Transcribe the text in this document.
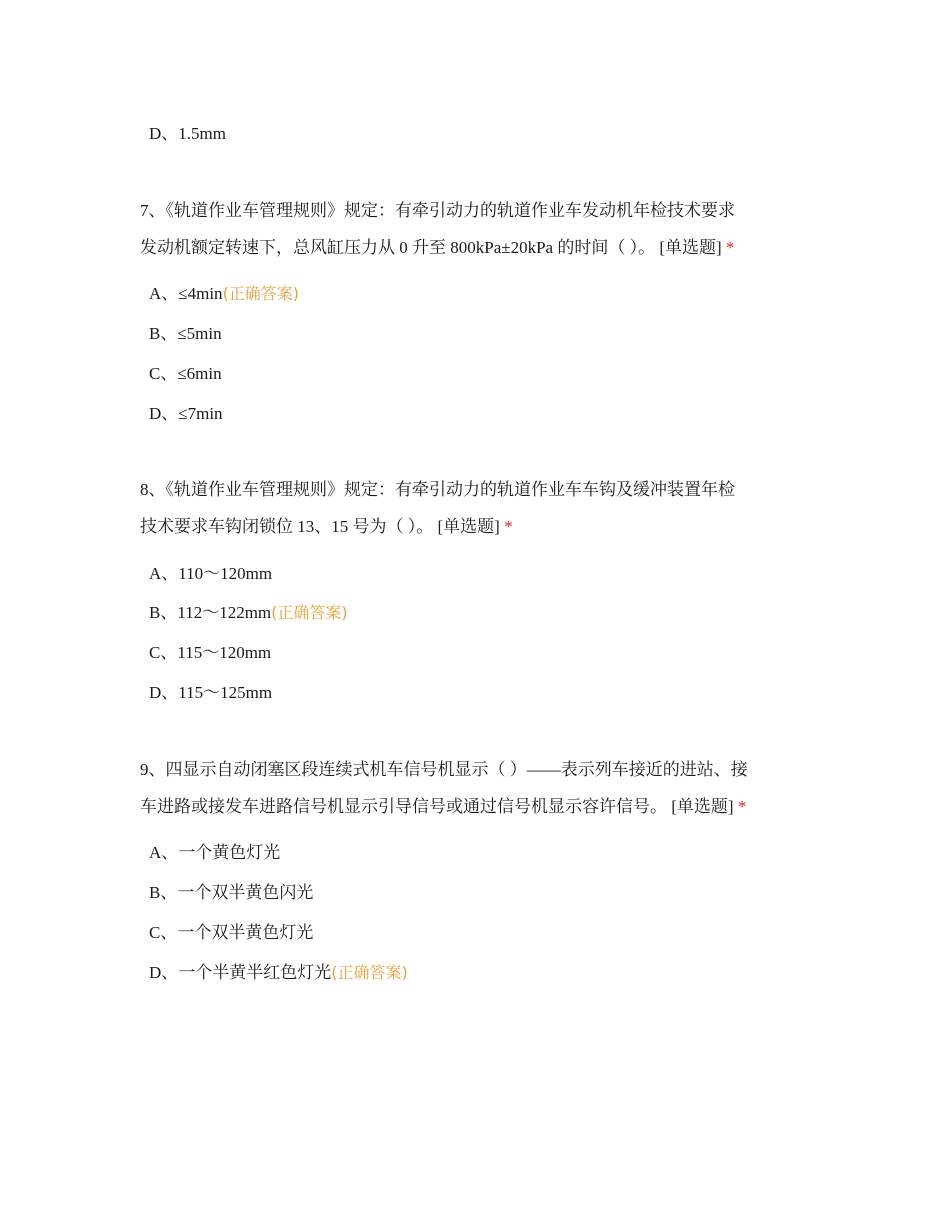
D、1.5mm
7、《轨道作业车管理规则》规定：有牵引动力的轨道作业车发动机年检技术要求
发动机额定转速下，总风缸压力从 0 升至 800kPa±20kPa 的时间（ ）。 [单选题] *
A、≤4min(正确答案)
B、≤5min
C、≤6min
D、≤7min
8、《轨道作业车管理规则》规定：有牵引动力的轨道作业车车钩及缓冲装置年检
技术要求车钩闭锁位 13、15 号为（ ）。 [单选题] *
A、110～120mm
B、112～122mm(正确答案)
C、115～120mm
D、115～125mm
9、四显示自动闭塞区段连续式机车信号机显示（ ）——表示列车接近的进站、接
车进路或接发车进路信号机显示引导信号或通过信号机显示容许信号。 [单选题] *
A、一个黄色灯光
B、一个双半黄色闪光
C、一个双半黄色灯光
D、一个半黄半红色灯光(正确答案)
